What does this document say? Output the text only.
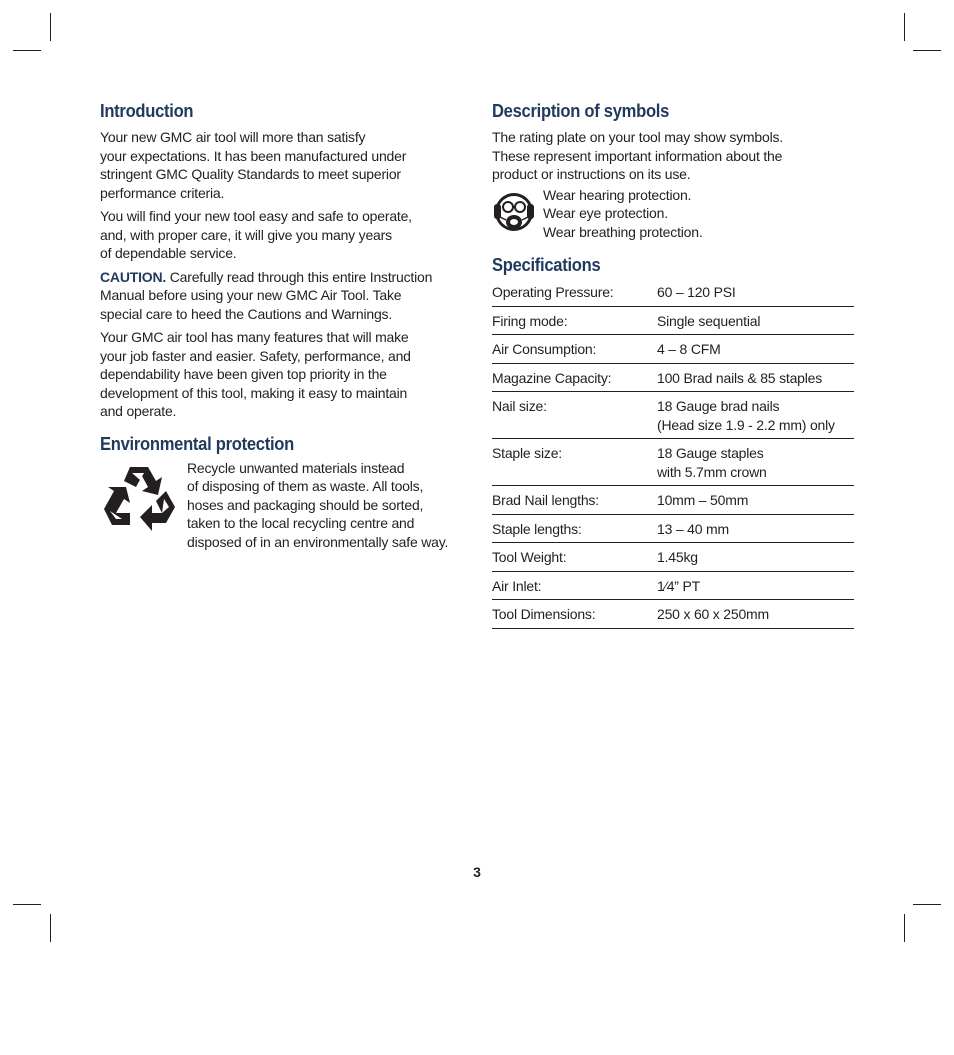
Introduction

Your new GMC air tool will more than satisfy
your expectations. It has been manufactured under
stringent GMC Quality Standards to meet superior
performance criteria.

You will find your new tool easy and safe to operate,
and, with proper care, it will give you many years
of dependable service.

CAUTION. Carefully read through this entire Instruction
Manual before using your new GMC Air Tool. Take
special care to heed the Cautions and Warnings.

Your GMC air tool has many features that will make
your job faster and easier. Safety, performance, and
dependability have been given top priority in the
development of this tool, making it easy to maintain
and operate.

Environmental protection

Recycle unwanted materials instead
of disposing of them as waste. All tools,
hoses and packaging should be sorted,
taken to the local recycling centre and
disposed of in an environmentally safe way.

Description of symbols

The rating plate on your tool may show symbols.
These represent important information about the
product or instructions on its use.

Wear hearing protection.
Wear eye protection.
Wear breathing protection.

Specifications
Operating Pressure:	60 – 120 PSI

Firing mode:	Single sequential

Air Consumption:	4 – 8 CFM

Magazine Capacity:	100 Brad nails & 85 staples

Nail size:	18 Gauge brad nails
(Head size 1.9 - 2.2 mm) only

Staple size:	18 Gauge staples
with 5.7mm crown

Brad Nail lengths:	10mm – 50mm

Staple lengths:	13 – 40 mm

Tool Weight:	1.45kg

Air Inlet:	1⁄4” PT

Tool Dimensions:	250 x 60 x 250mm
3
